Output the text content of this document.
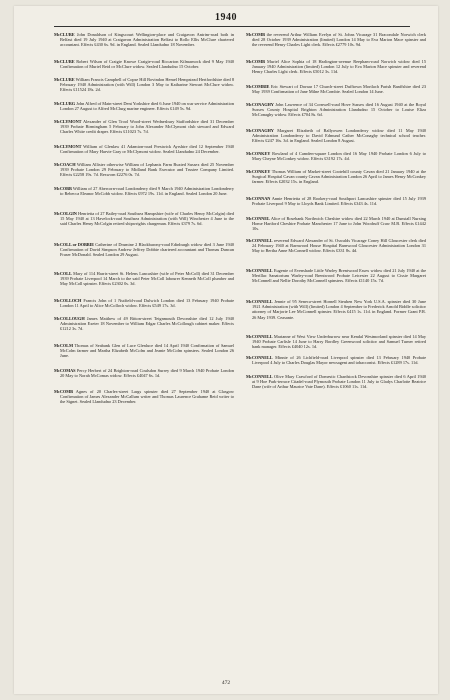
1940
McCLURE John Donaldson of Kingscourt Wellington-place and Craigavon Antrim-road both in Belfast died 19 July 1940 at Craigavon Administration Belfast to Rollo Ellis McClure chartered accountant. Effects £430 6s. 9d. in England. Sealed Llandudno 18 November.
McCLURE Robert Wilson of Craigie Knowe Craigie-road Riccarton Kilmarnock died 9 May 1940 Confirmation of Muriel Reid or McClure widow. Sealed Llandudno 15 October.
McCLURE William Francis Campbell of Copse Hill Bovindon Hemel Hempstead Hertfordshire died 8 February 1940 Administration (with Will) London 3 May to Katharine Stewart McClure widow. Effects £11524 18s. 2d.
McCLURG John Alfred of Main-street Dent Yorkshire died 6 June 1940 on war service Administration London 27 August to Alfred McClurg marine engineer. Effects £149 5s. 9d.
McCLYMONT Alexander of Glen Trool Wood-street Wednesbury Staffordshire died 31 December 1939 Probate Birmingham 5 February to John Alexander McClymont club steward and Edward Charles White credit draper. Effects £11023 7s. 7d.
McCLYMONT William of Glenlaw 41 Adamton-road Prestwick Ayrshire died 12 September 1940 Confirmation of Mary Harvie Gray or McClymont widow. Sealed Llandudno 24 December.
McCOACH William Allister otherwise William of Lephanis Farm Buxted Sussex died 25 November 1939 Probate London 29 February to Midland Bank Executor and Trustee Company Limited. Effects £2258 19s. 7d. Resworn £2276 0s. 7d.
McCOBB William of 27 Abercorn-road Londonderry died 9 March 1940 Administration Londonderry to Rebecca Eleanor McCobb widow. Effects £972 19s. 11d. in England. Sealed London 20 June.
McCOLGIN Henrietta of 27 Bailey-road Southsea Hampshire (wife of Charles Henry McColgin) died 15 May 1940 at 13 Havelock-road Southsea Administration (with Will) Winchester 4 June to the said Charles Henry McColgin retired shipwrights chargeman. Effects £379 7s. 6d.
McCOLL or DOBBIE Catherine of Drumine 2 Blackbarony-road Edinburgh widow died 3 June 1940 Confirmation of David Simpson Andrew Jeffrey Dobbie chartered accountant and Thomas Duncan Fraser McDonald. Sealed London 29 August.
McCOLL Mary of 114 Harris-street St. Helens Lancashire (wife of Peter McColl) died 31 December 1939 Probate Liverpool 14 March to the said Peter McColl labourer Kenneth McColl plumber and May McColl spinster. Effects £2302 0s. 3d.
McCOLLOCH Francis John of 1 Nutfield-road Dulwich London died 13 February 1940 Probate London 11 April to Alice McColloch widow. Effects £549 17s. 3d.
McCOLLOUGH James Matthew of 49 Bitton-street Teignmouth Devonshire died 12 July 1940 Administration Exeter 18 November to William Edgar Charles McCollough cabinet maker. Effects £1212 3s. 7d.
McCOLM Thomas of Seabank Glen of Luce Glenluce died 14 April 1940 Confirmation of Samuel McColm farmer and Martha Elizabeth McColm and Jeanie McColm spinsters. Sealed London 26 June.
McCOMAS Percy Herbert of 24 Brighton-road Coulsdon Surrey died 9 March 1940 Probate London 20 May to Norah McComas widow. Effects £4047 6s. 1d.
McCOMB Agnes of 20 Charles-street Largs spinster died 27 September 1940 at Glasgow Confirmation of James Alexander McCallum writer and Thomas Laurence Grahame Reid writer to the Signet. Sealed Llandudno 23 December.
McCOMB the reverend Arthur William Evelyn of St. Johns Vicarage 31 Bracondale Norwich clerk died 28 October 1939 Administration (limited) London 14 May to Eva Marion Mace spinster and the reverend Henry Charles Light clerk. Effects £2779 10s. 9d.
McCOMB Muriel Alice Sophia of 18 Harlington-avenue Reepham-road Norwich widow died 15 January 1940 Administration (limited) London 12 July to Eva Marion Mace spinster and reverend Henry Charles Light clerk. Effects £5012 3s. 11d.
McCOMBIE Eric Stewart of Davaar 17 Church-street Dufftown Mortlach Parish Banffshire died 23 May 1939 Confirmation of Jane Milne McCombie. Sealed London 14 June.
McCONAGHY John Lawrence of 34 Cornwell-road Hove Sussex died 16 August 1940 at the Royal Sussex County Hospital Brighton Administration Llandudno 15 October to Louise Eliza McConaghy widow. Effects £704 8s. 6d.
McCONAGHY Margaret Elizabeth of Ballyowen Londonderry widow died 11 May 1940 Administration Londonderry to David Edmund Cather McConaghy technical school teacher. Effects £247 16s. 3d. in England. Sealed London 8 August.
McCONKEY Rowland of 4 Camden-square London died 16 May 1940 Probate London 6 July to Mary Cheyne McConkey widow. Effects £3192 17s. 4d.
McCONKEY Thomas William of Market-street Cootehill county Cavan died 21 January 1940 at the Surgical Hospital Cavan county Cavan Administration London 26 April to James Henry McConkey farmer. Effects £2032 15s. in England.
McCONNAN Annie Henrietta of 28 Rookery-road Southport Lancashire spinster died 15 July 1939 Probate Liverpool 9 May to Lloyds Bank Limited. Effects £343 4s. 11d.
McCONNEL Alice of Rosebank Northwich Cheshire widow died 22 March 1940 at Dunstall Nursing Home Hartford Cheshire Probate Manchester 17 June to John Woodruff Craw M.B. Effects £1442 10s.
McCONNELL reverend Edward Alexander of St. Oswalds Vicarage Coney Hill Gloucester clerk died 24 February 1940 at Barnwood House Hospital Barnwood Gloucester Administration London 31 May to Bertha Anne McConnell widow. Effects £331 8s. 4d.
McCONNELL Eugenie of Evenshade Little Warley Brentwood Essex widow died 21 July 1940 at the Merillac Sanatorium Warley-road Brentwood Probate Leicester 22 August to Cissie Margaret McConnell and Nellie Dorothy McConnell spinsters. Effects £1140 15s. 7d.
McCONNELL Jennie of 95 Seneca-street Hornell Steuben New York U.S.A. spinster died 30 June 1921 Administration (with Will) (limited) London 4 September to Frederick Arnold Biddle solicitor attorney of Marjorie Lee McConnell spinster. Effects £415 1s. 11d. in England. Former Grant P.R. 26 May 1939. Ceasante.
McCONNELL Marianne of West View Underburrow near Kendal Westmorland spinster died 14 May 1940 Probate Carlisle 14 June to Harry Bordley Greenwood solicitor and Samuel Turner retired bank manager. Effects £4040 12s. 1d.
McCONNELL Minnie of 26 Lichfield-road Liverpool spinster died 13 February 1940 Probate Liverpool 4 July to Charles Douglas Mayor newsagent and tobacconist. Effects £1289 17s. 11d.
McCONNELL Olive Mary Crawford of Domestic Chardstock Devonshire spinster died 6 April 1940 at 9 Hoe Park-terrace Citadel-road Plymouth Probate London 11 July to Gladys Charlotte Beatrice Dane (wife of Arthur Maurice Vate Dane). Effects £1060 11s. 11d.
472
